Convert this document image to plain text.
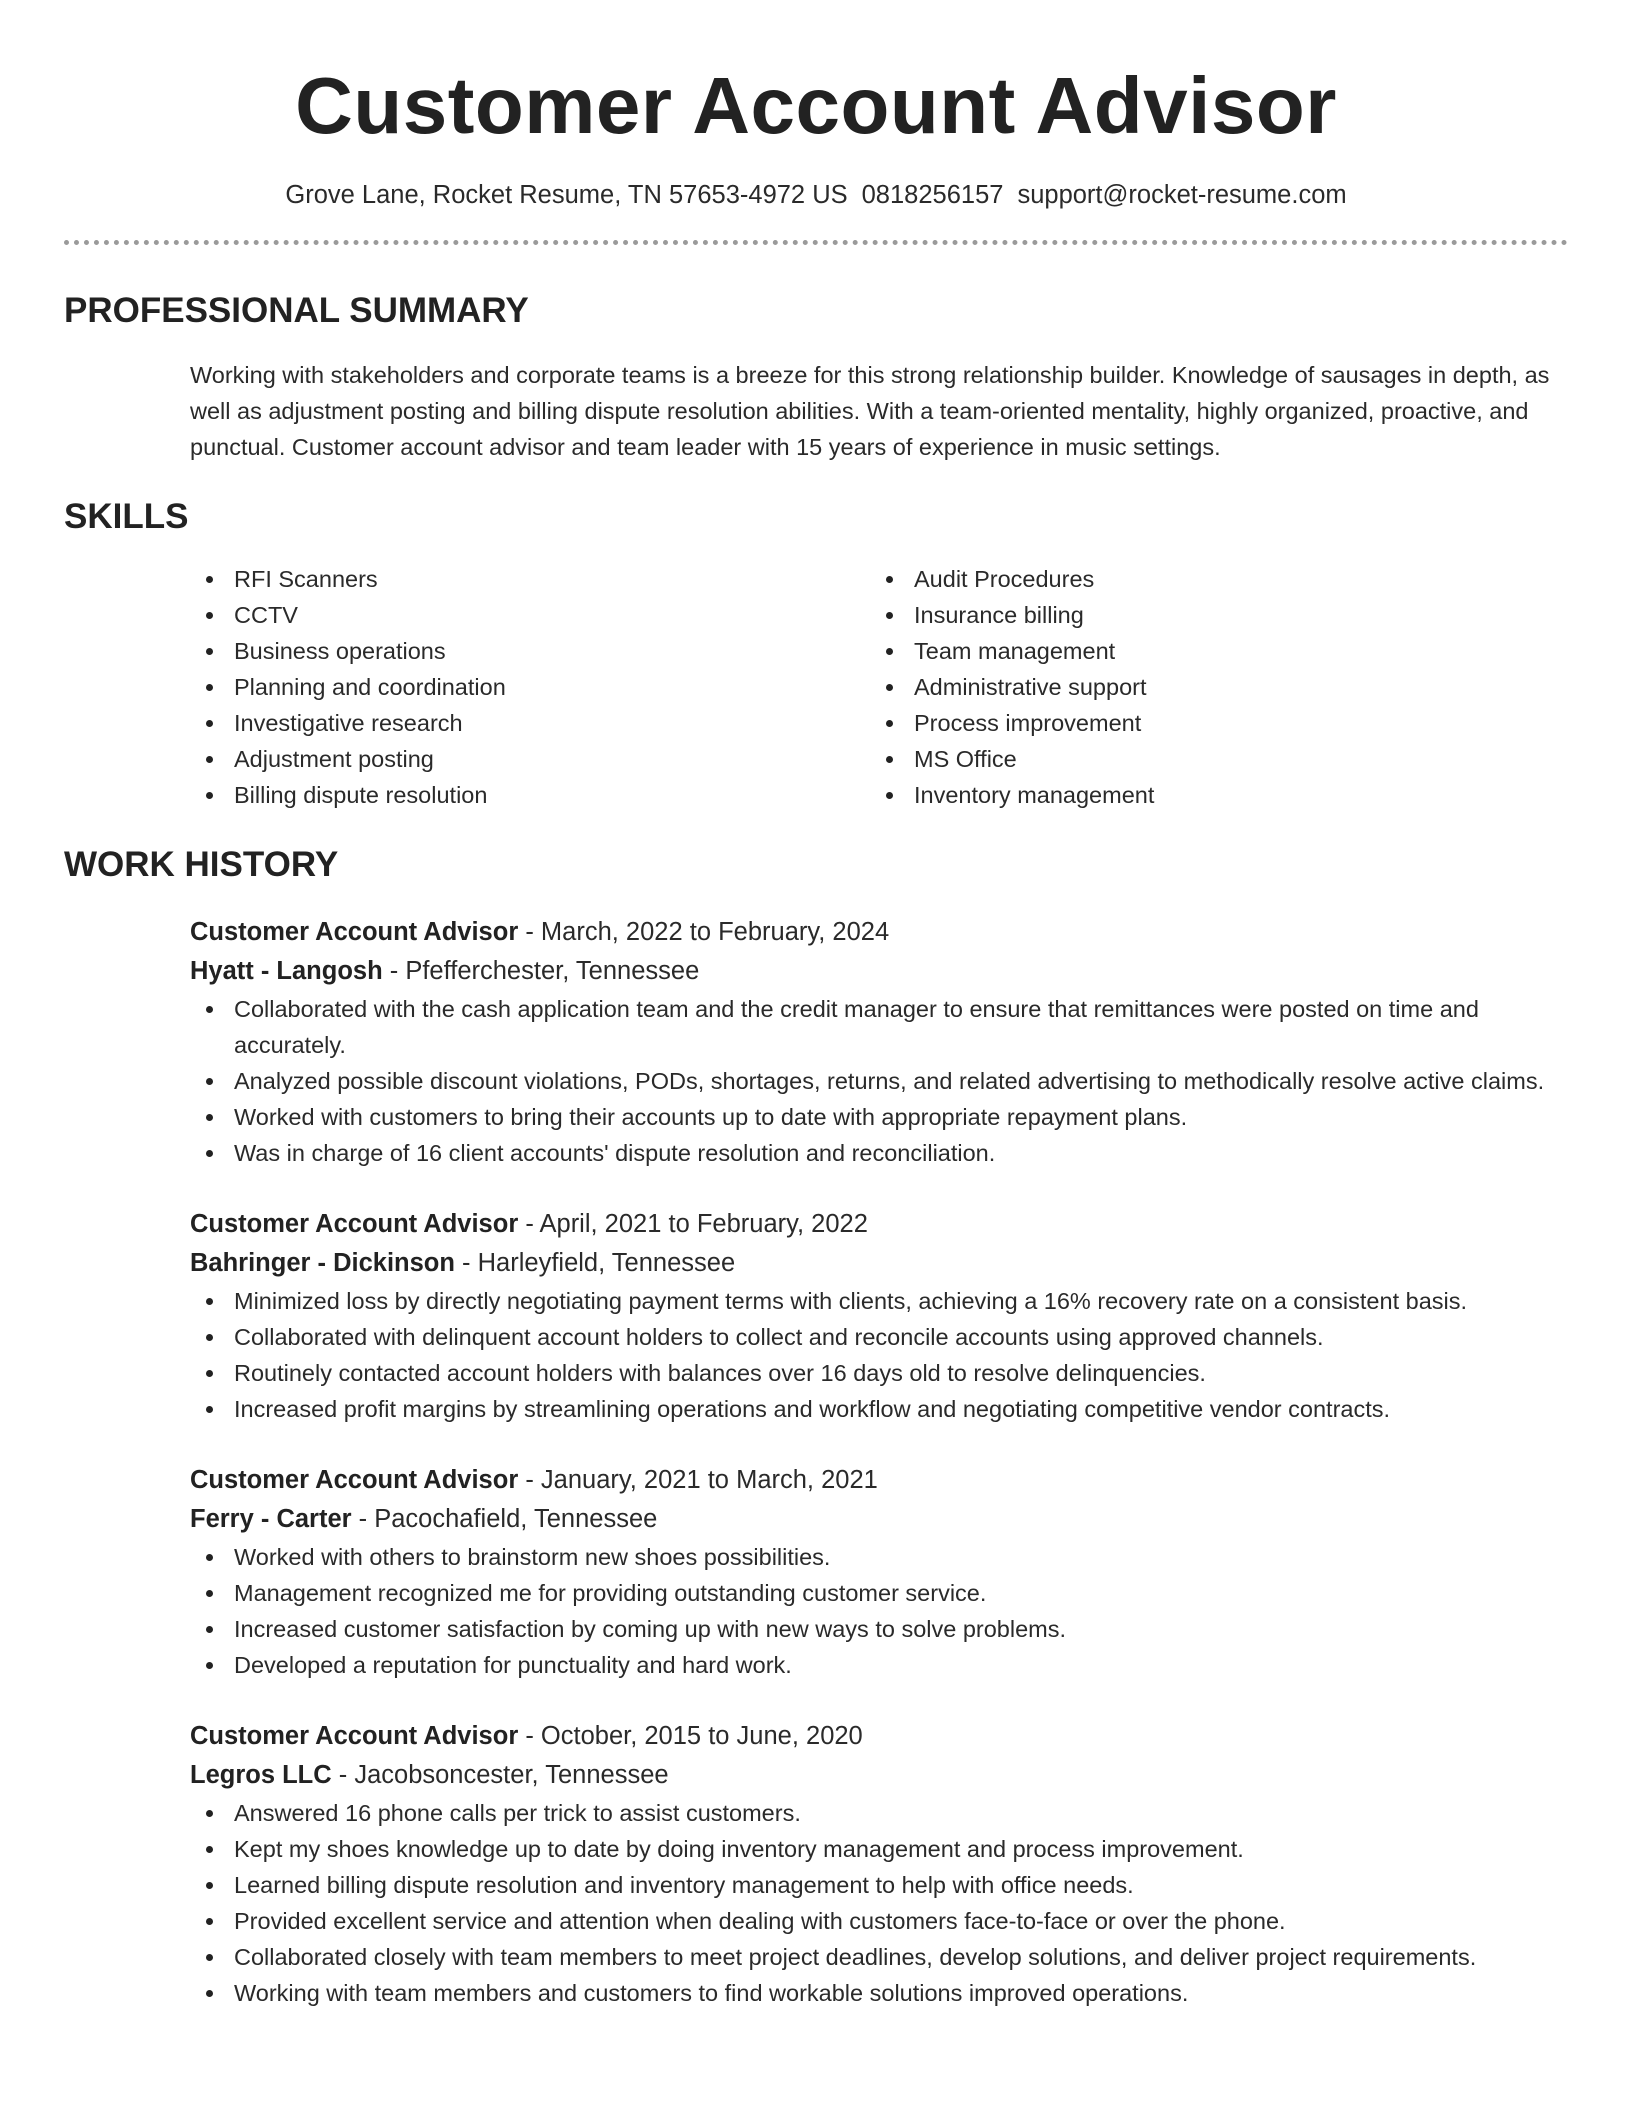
Customer Account Advisor
Grove Lane, Rocket Resume, TN 57653-4972 US 0818256157 support@rocket-resume.com
PROFESSIONAL SUMMARY
Working with stakeholders and corporate teams is a breeze for this strong relationship builder. Knowledge of sausages in depth, as well as adjustment posting and billing dispute resolution abilities. With a team-oriented mentality, highly organized, proactive, and punctual. Customer account advisor and team leader with 15 years of experience in music settings.
SKILLS
RFI Scanners
CCTV
Business operations
Planning and coordination
Investigative research
Adjustment posting
Billing dispute resolution
Audit Procedures
Insurance billing
Team management
Administrative support
Process improvement
MS Office
Inventory management
WORK HISTORY
Customer Account Advisor - March, 2022 to February, 2024
Hyatt - Langosh - Pfefferchester, Tennessee
Collaborated with the cash application team and the credit manager to ensure that remittances were posted on time and accurately.
Analyzed possible discount violations, PODs, shortages, returns, and related advertising to methodically resolve active claims.
Worked with customers to bring their accounts up to date with appropriate repayment plans.
Was in charge of 16 client accounts' dispute resolution and reconciliation.
Customer Account Advisor - April, 2021 to February, 2022
Bahringer - Dickinson - Harleyfield, Tennessee
Minimized loss by directly negotiating payment terms with clients, achieving a 16% recovery rate on a consistent basis.
Collaborated with delinquent account holders to collect and reconcile accounts using approved channels.
Routinely contacted account holders with balances over 16 days old to resolve delinquencies.
Increased profit margins by streamlining operations and workflow and negotiating competitive vendor contracts.
Customer Account Advisor - January, 2021 to March, 2021
Ferry - Carter - Pacochafield, Tennessee
Worked with others to brainstorm new shoes possibilities.
Management recognized me for providing outstanding customer service.
Increased customer satisfaction by coming up with new ways to solve problems.
Developed a reputation for punctuality and hard work.
Customer Account Advisor - October, 2015 to June, 2020
Legros LLC - Jacobsoncester, Tennessee
Answered 16 phone calls per trick to assist customers.
Kept my shoes knowledge up to date by doing inventory management and process improvement.
Learned billing dispute resolution and inventory management to help with office needs.
Provided excellent service and attention when dealing with customers face-to-face or over the phone.
Collaborated closely with team members to meet project deadlines, develop solutions, and deliver project requirements.
Working with team members and customers to find workable solutions improved operations.
